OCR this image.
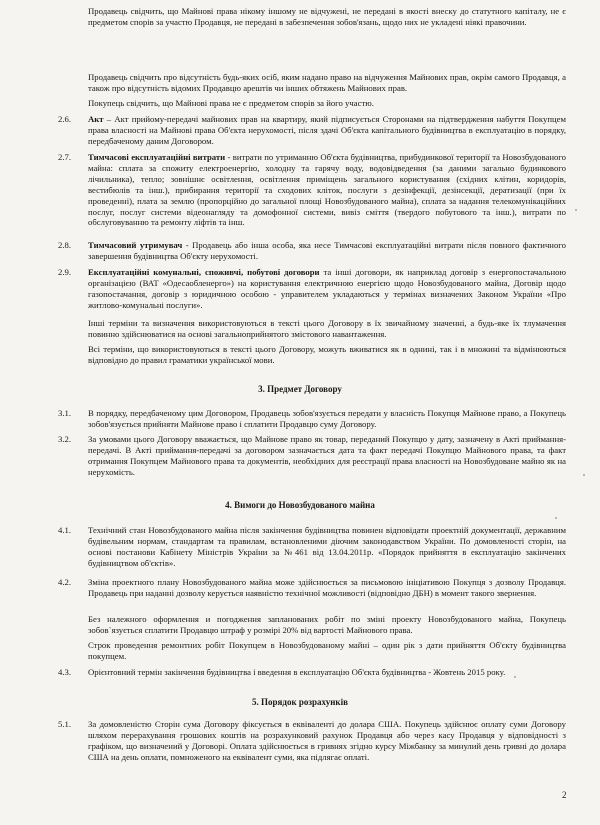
Продавець свідчить, що Майнові права нікому іншому не відчужені, не передані в якості внеску до статутного капіталу, не є предметом спорів за участю Продавця, не передані в забезпечення зобов'язань, щодо них не укладені ніякі правочини.
Продавець свідчить про відсутність будь-яких осіб, яким надано право на відчуження Майнових прав, окрім самого Продавця, а також про відсутність відомих Продавцю арештів чи інших обтяжень Майнових прав.
Покупець свідчить, що Майнові права не є предметом спорів за його участю.
2.6.	Акт – Акт прийому-передачі майнових прав на квартиру, який підписується Сторонами на підтвердження набуття Покупцем права власності на Майнові права Об'єкта нерухомості, після здачі Об'єкта капітального будівництва в експлуатацію в порядку, передбаченому даним Договором.
2.7.	Тимчасові експлуатаційні витрати - витрати по утриманню Об'єкта будівництва, прибудинкової території та Новозбудованого майна: сплата за спожиту електроенергію, холодну та гарячу воду, водовідведення (за даними загально будинкового лічильника), тепло; зовнішнє освітлення, освітлення приміщень загального користування (східних клітин, коридорів, вестибюлів та інш.), прибирання території та сходових кліток, послуги з дезінфекції, дезінсекції, дератизації (при їх проведенні), плата за землю (пропорційно до загальної площі Новозбудованого майна), сплата за надання телекомунікаційних послуг, послуг системи відеонагляду та домофонної системи, вивіз сміття (твердого побутового та інш.), витрати по обслуговуванню та ремонту ліфтів та інш.
2.8.	Тимчасовий утримувач - Продавець або інша особа, яка несе Тимчасові експлуатаційні витрати після повного фактичного завершення будівництва Об'єкту нерухомості.
2.9.	Експлуатаційні комунальні, споживчі, побутові договори та інші договори, як наприклад договір з енергопостачальною організацією (ВАТ «Одесаобленерго») на користування електричною енергією щодо Новозбудованого майна, Договір щодо газопостачання, договір з юридичною особою - управителем укладаються у термінах визначених Законом України «Про житлово-комунальні послуги».
Інші терміни та визначення використовуються в тексті цього Договору в їх звичайному значенні, а будь-яке їх тлумачення повинно здійснюватися на основі загальноприйнятого змістового навантаження.
Всі терміни, що використовуються в тексті цього Договору, можуть вживатися як в однині, так і в множині та відмінюються відповідно до правил граматики української мови.
3. Предмет Договору
3.1.	В порядку, передбаченому цим Договором, Продавець зобов'язується передати у власність Покупця Майнове право, а Покупець зобов'язується прийняти Майнове право і сплатити Продавцю суму Договору.
3.2.	За умовами цього Договору вважається, що Майнове право як товар, переданий Покупцю у дату, зазначену в Акті приймання-передачі. В Акті приймання-передачі за договором зазначається дата та факт передачі Покупцю Майнового права, та факт отримання Покупцем Майнового права та документів, необхідних для реєстрації права власності на Новозбудоване майно як на нерухомість.
4. Вимоги до Новозбудованого майна
4.1.	Технічний стан Новозбудованого майна після закінчення будівництва повинен відповідати проектній документації, державним будівельним нормам, стандартам та правилам, встановленими діючим законодавством України. По домовленості сторін, на основі постанови Кабінету Міністрів України за №461 від 13.04.2011р. «Порядок прийняття в експлуатацію закінчених будівництвом об'єктів».
4.2.	Зміна проектного плану Новозбудованого майна може здійснюється за письмовою ініціативою Покупця з дозволу Продавця. Продавець при наданні дозволу керується наявністю технічної можливості (відповідно ДБН) в момент такого звернення.
Без належного оформлення и погодження запланованих робіт по зміні проекту Новозбудованого майна, Покупець зобов`язується сплатити Продавцю штраф у розмірі 20% від вартості Майнового права.
Строк проведення ремонтних робіт Покупцем в Новозбудованому майні – один рік з дати прийняття Об'єкту будівництва покупцем.
4.3.	Орієнтовний термін закінчення будівництва і введення в експлуатацію Об'єкта будівництва - Жовтень 2015 року.
5. Порядок розрахунків
5.1.	За домовленістю Сторін сума Договору фіксується в еквіваленті до долара США. Покупець здійснює оплату суми Договору шляхом перерахування грошових коштів на розрахунковий рахунок Продавця або через касу Продавця у відповідності з графіком, що визначений у Договорі. Оплата здійснюється в гривнях згідно курсу Міжбанку за минулий день гривні до долара США на день оплати, помноженого на еквівалент суми, яка підлягає оплаті.
2
